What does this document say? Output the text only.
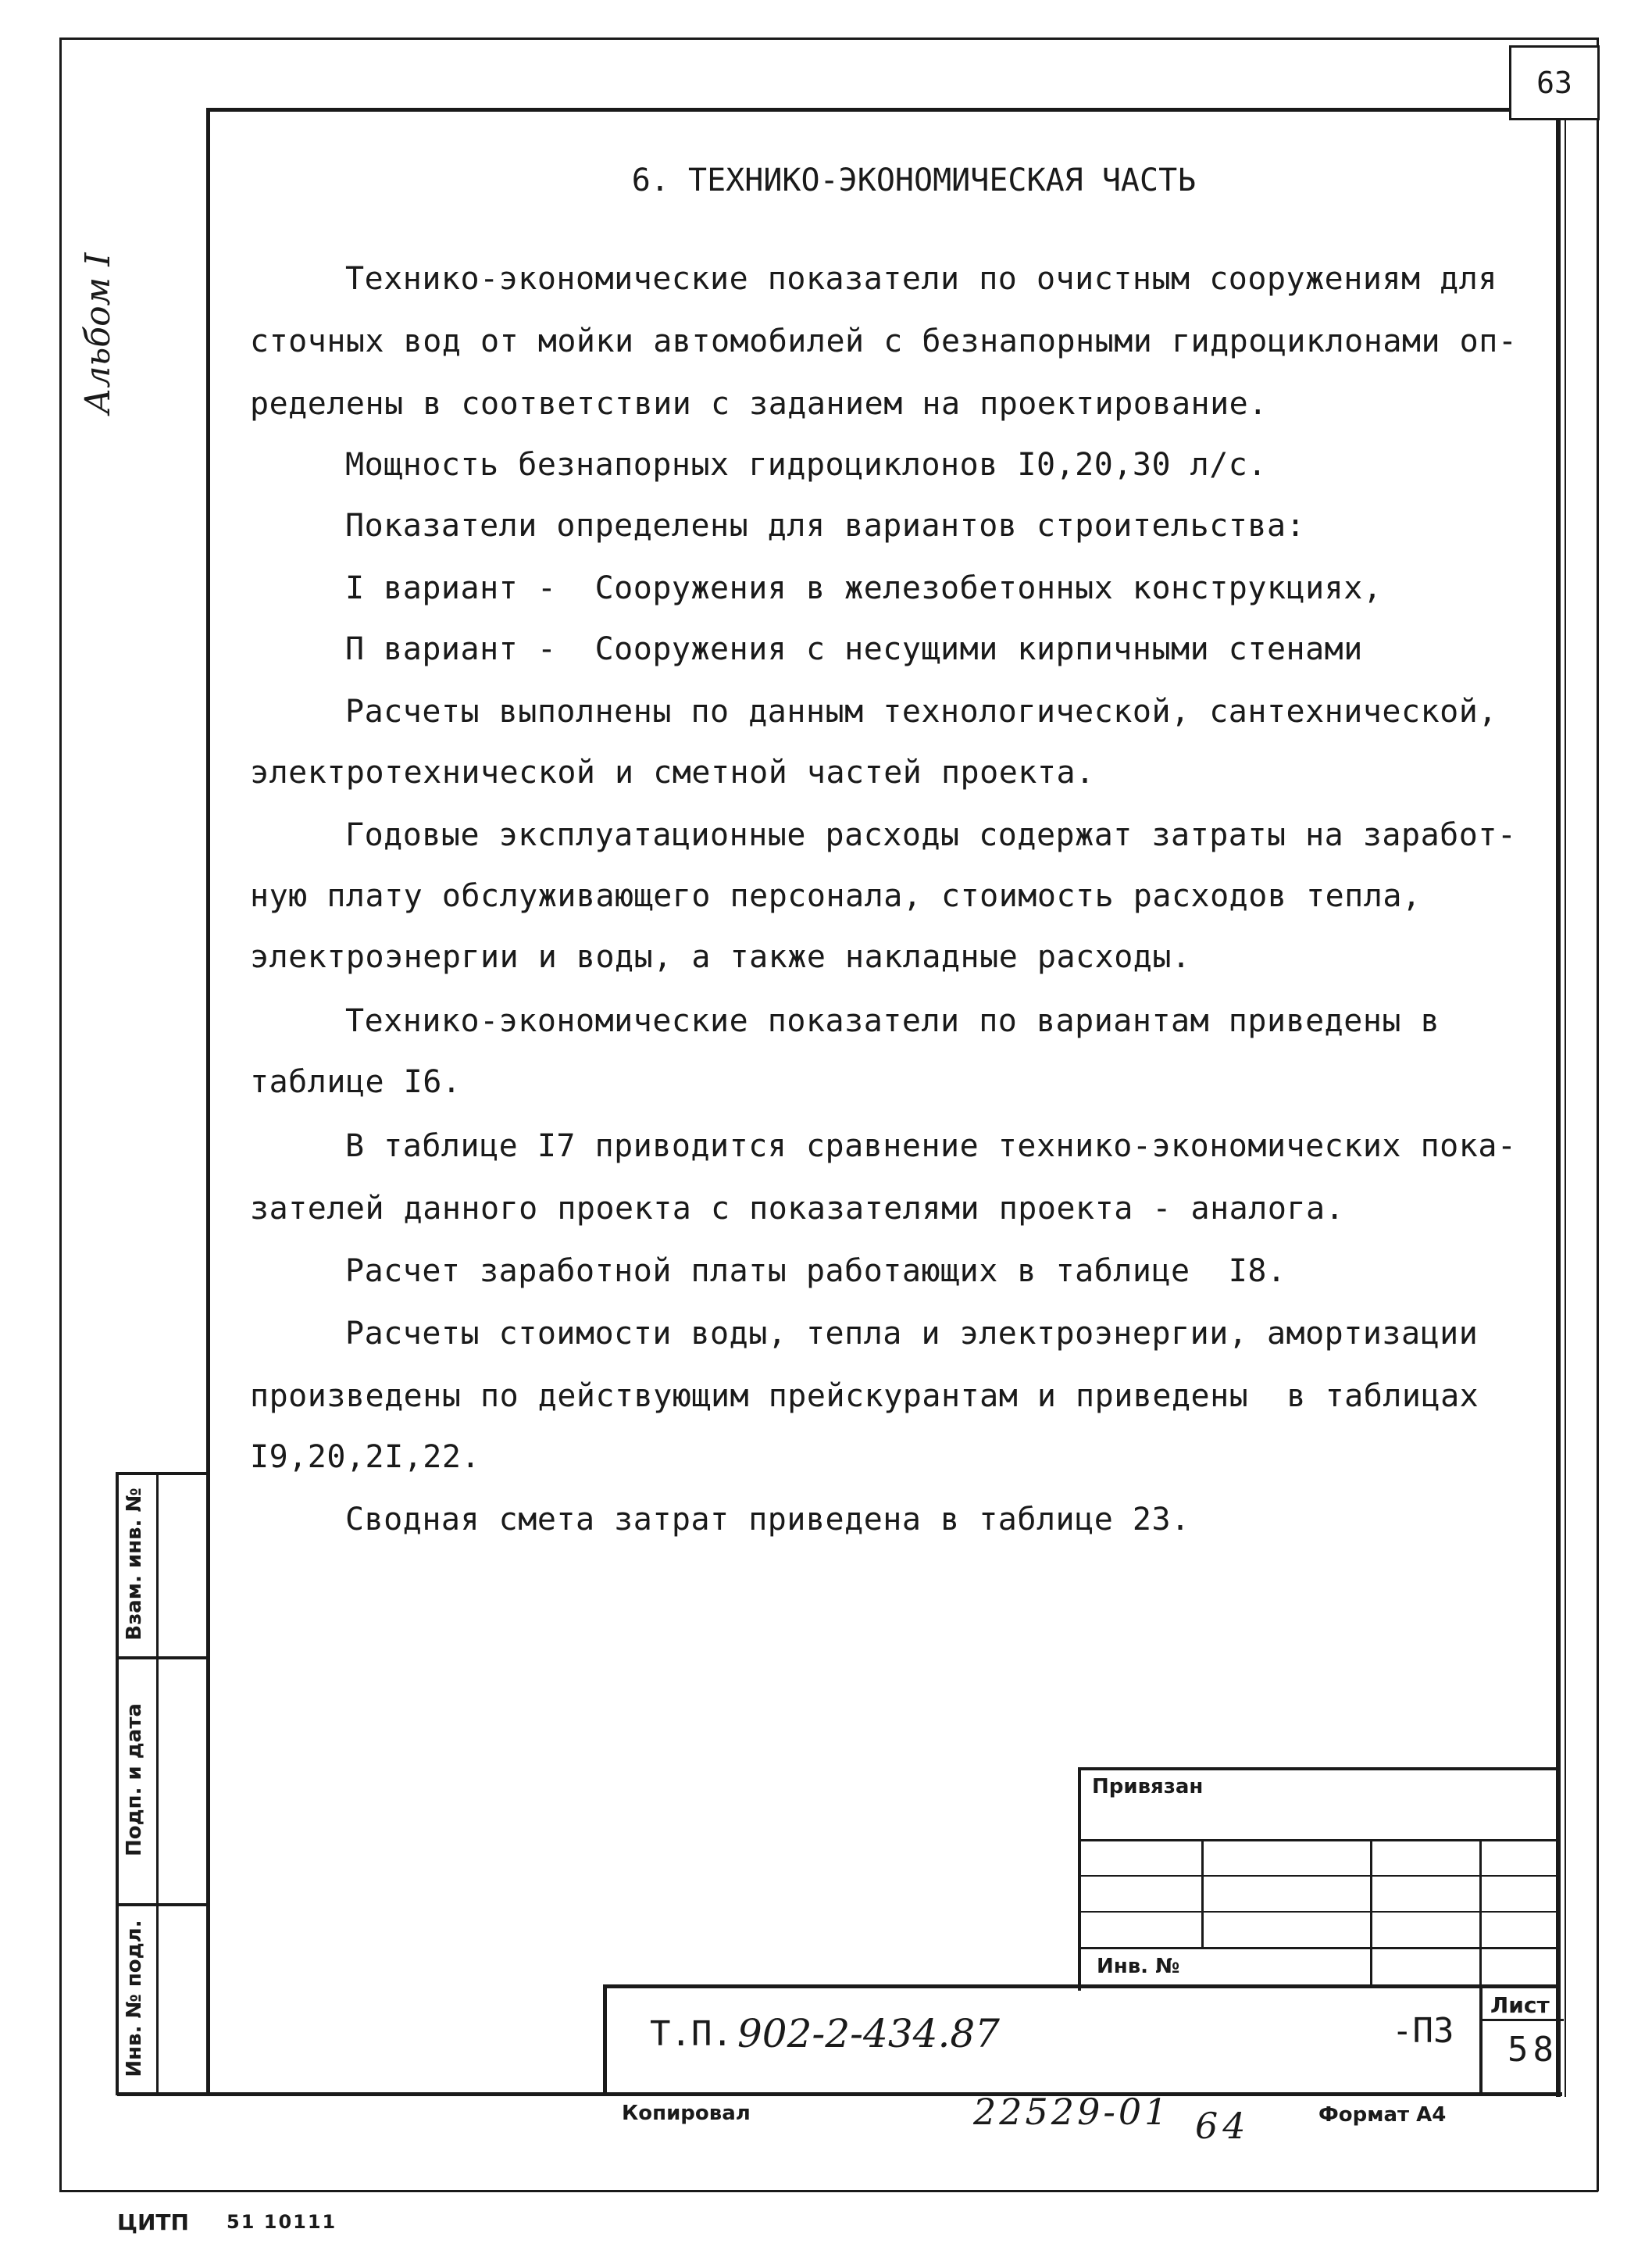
63
Альбом I
6. ТЕХНИКО-ЭКОНОМИЧЕСКАЯ ЧАСТЬ
Технико-экономические показатели по очистным сооружениям для
сточных вод от мойки автомобилей с безнапорными гидроциклонами оп-
ределены в соответствии с заданием на проектирование.
Мощность безнапорных гидроциклонов I0,20,30 л/с.
Показатели определены для вариантов строительства:
I вариант -  Сооружения в железобетонных конструкциях,
П вариант -  Сооружения с несущими кирпичными стенами
Расчеты выполнены по данным технологической, сантехнической,
электротехнической и сметной частей проекта.
Годовые эксплуатационные расходы содержат затраты на заработ-
ную плату обслуживающего персонала, стоимость расходов тепла,
электроэнергии и воды, а также накладные расходы.
Технико-экономические показатели по вариантам приведены в
таблице I6.
В таблице I7 приводится сравнение технико-экономических пока-
зателей данного проекта с показателями проекта - аналога.
Расчет заработной платы работающих в таблице  I8.
Расчеты стоимости воды, тепла и электроэнергии, амортизации
произведены по действующим прейскурантам и приведены  в таблицах
I9,20,2I,22.
Сводная смета затрат приведена в таблице 23.
Взам. инв. №
Подп. и дата
Инв. № подл.
Привязан
Инв. №
Т.П. 902-2-434.87	-ПЗ
Лист
58
Копировал	22529-01 64	Формат А4
ЦИТП 51 10111
